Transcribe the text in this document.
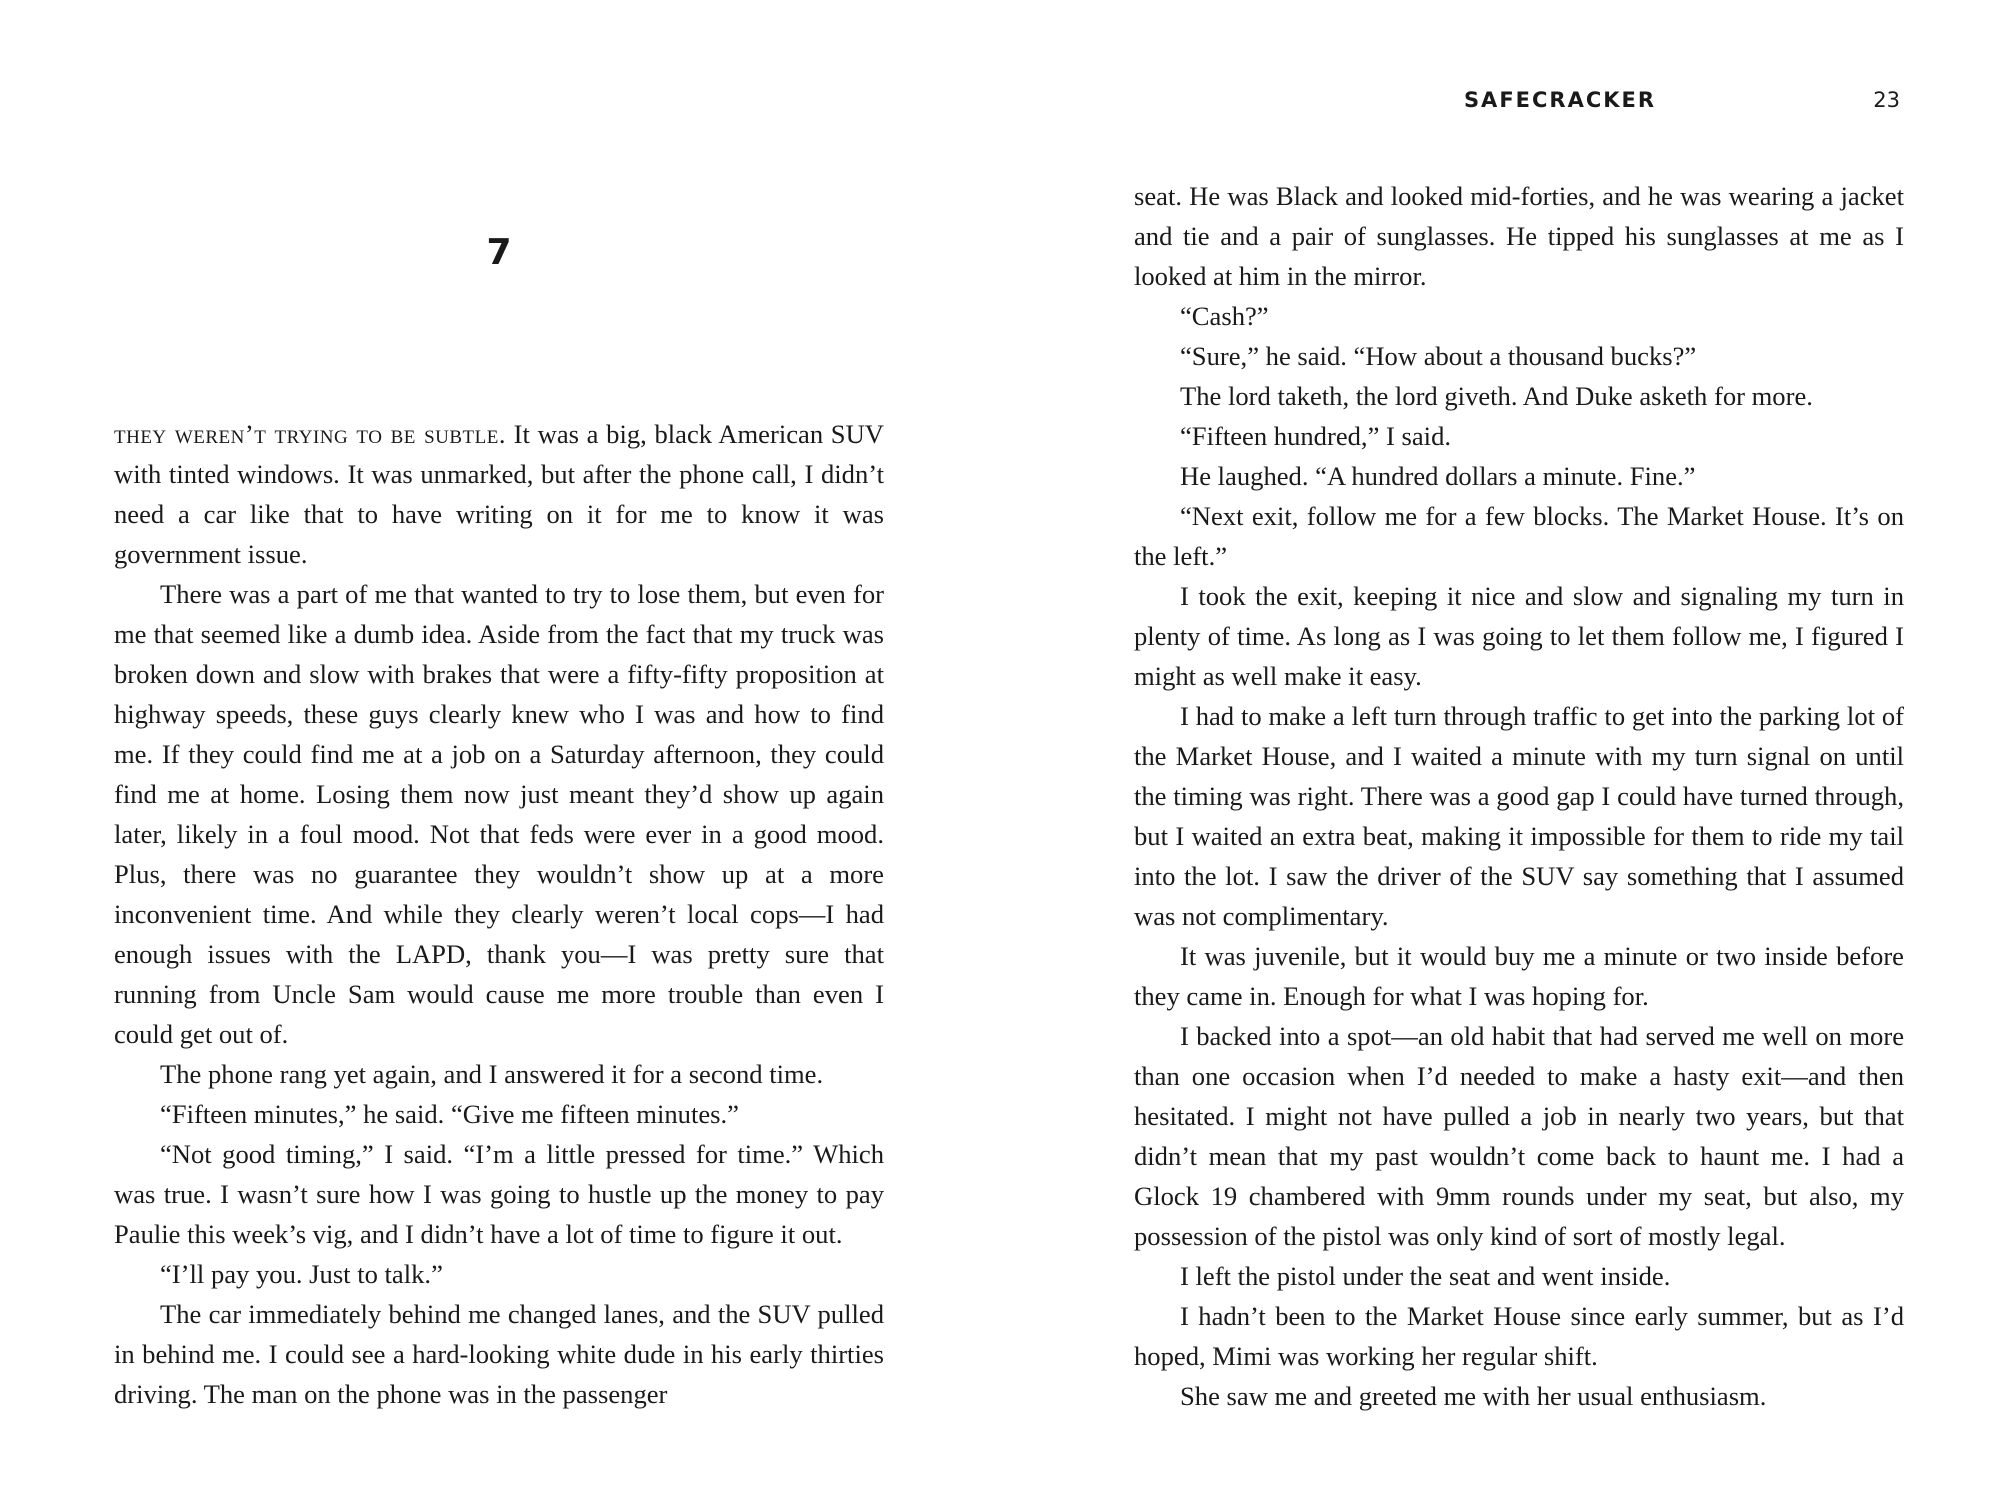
7

they weren’t trying to be subtle. It was a big, black American SUV with tinted windows. It was unmarked, but after the phone call, I didn’t need a car like that to have writing on it for me to know it was government issue.

There was a part of me that wanted to try to lose them, but even for me that seemed like a dumb idea. Aside from the fact that my truck was broken down and slow with brakes that were a fifty-fifty proposition at highway speeds, these guys clearly knew who I was and how to find me. If they could find me at a job on a Saturday afternoon, they could find me at home. Losing them now just meant they’d show up again later, likely in a foul mood. Not that feds were ever in a good mood. Plus, there was no guarantee they wouldn’t show up at a more inconvenient time. And while they clearly weren’t local cops—I had enough issues with the LAPD, thank you—I was pretty sure that running from Uncle Sam would cause me more trouble than even I could get out of.

The phone rang yet again, and I answered it for a second time.

“Fifteen minutes,” he said. “Give me fifteen minutes.”

“Not good timing,” I said. “I’m a little pressed for time.” Which was true. I wasn’t sure how I was going to hustle up the money to pay Paulie this week’s vig, and I didn’t have a lot of time to figure it out.

“I’ll pay you. Just to talk.”

The car immediately behind me changed lanes, and the SUV pulled in behind me. I could see a hard-looking white dude in his early thirties driving. The man on the phone was in the passenger

SAFECRACKER	23

seat. He was Black and looked mid-forties, and he was wearing a jacket and tie and a pair of sunglasses. He tipped his sunglasses at me as I looked at him in the mirror.

“Cash?”

“Sure,” he said. “How about a thousand bucks?”

The lord taketh, the lord giveth. And Duke asketh for more.

“Fifteen hundred,” I said.

He laughed. “A hundred dollars a minute. Fine.”

“Next exit, follow me for a few blocks. The Market House. It’s on the left.”

I took the exit, keeping it nice and slow and signaling my turn in plenty of time. As long as I was going to let them follow me, I figured I might as well make it easy.

I had to make a left turn through traffic to get into the parking lot of the Market House, and I waited a minute with my turn signal on until the timing was right. There was a good gap I could have turned through, but I waited an extra beat, making it impossible for them to ride my tail into the lot. I saw the driver of the SUV say something that I assumed was not complimentary.

It was juvenile, but it would buy me a minute or two inside before they came in. Enough for what I was hoping for.

I backed into a spot—an old habit that had served me well on more than one occasion when I’d needed to make a hasty exit—and then hesitated. I might not have pulled a job in nearly two years, but that didn’t mean that my past wouldn’t come back to haunt me. I had a Glock 19 chambered with 9mm rounds under my seat, but also, my possession of the pistol was only kind of sort of mostly legal.

I left the pistol under the seat and went inside.

I hadn’t been to the Market House since early summer, but as I’d hoped, Mimi was working her regular shift.

She saw me and greeted me with her usual enthusiasm.
